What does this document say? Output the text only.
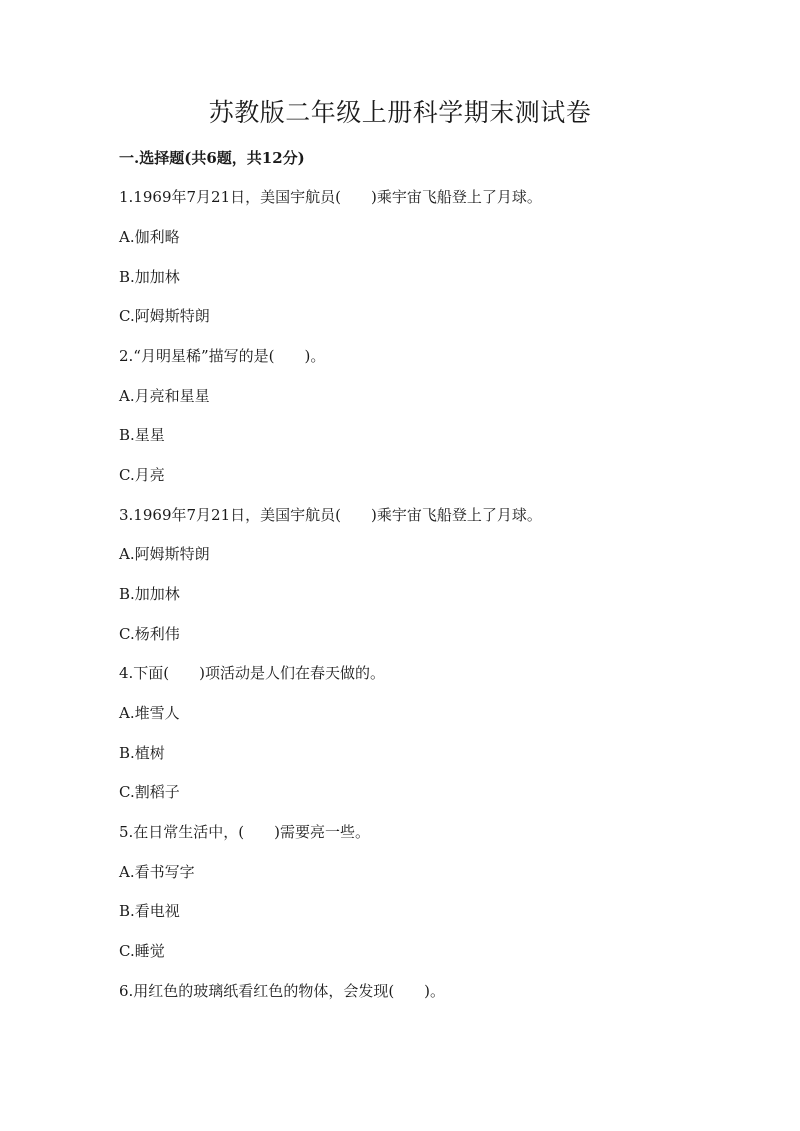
苏教版二年级上册科学期末测试卷
一.选择题(共6题，共12分)
1.1969年7月21日，美国宇航员(　　)乘宇宙飞船登上了月球。
A.伽利略
B.加加林
C.阿姆斯特朗
2.“月明星稀”描写的是(　　)。
A.月亮和星星
B.星星
C.月亮
3.1969年7月21日，美国宇航员(　　)乘宇宙飞船登上了月球。
A.阿姆斯特朗
B.加加林
C.杨利伟
4.下面(　　)项活动是人们在春天做的。
A.堆雪人
B.植树
C.割稻子
5.在日常生活中，(　　)需要亮一些。
A.看书写字
B.看电视
C.睡觉
6.用红色的玻璃纸看红色的物体，会发现(　　)。
